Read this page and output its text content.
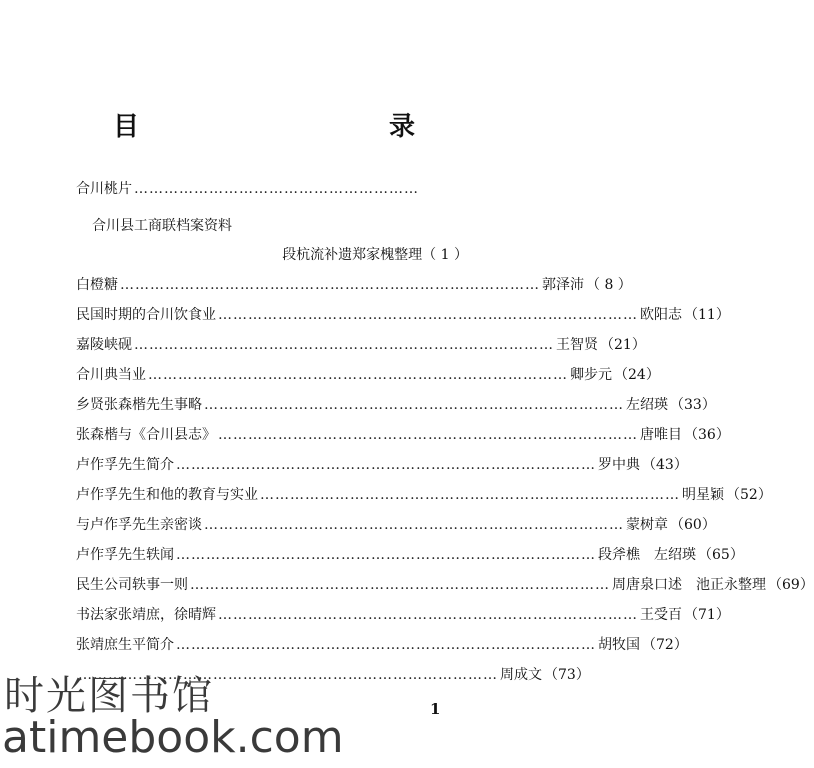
目　　录
合川桃片 …………………………………………………
合川县工商联档案资料
段杭流补遗郑家槐整理（ 1 ）
白橙糖 ………………………………………………………………………… 郭泽沛 （ 8 ）
民国时期的合川饮食业 ………………………………………………………………………… 欧阳志 （11）
嘉陵峡砚 ………………………………………………………………………… 王智贤 （21）
合川典当业 ………………………………………………………………………… 卿步元 （24）
乡贤张森楷先生事略 ………………………………………………………………………… 左绍瑛 （33）
张森楷与《合川县志》 ………………………………………………………………………… 唐唯目 （36）
卢作孚先生简介 ………………………………………………………………………… 罗中典 （43）
卢作孚先生和他的教育与实业 ………………………………………………………………………… 明星颖 （52）
与卢作孚先生亲密谈 ………………………………………………………………………… 蒙树章 （60）
卢作孚先生轶闻 ………………………………………………………………………… 段斧樵　左绍瑛 （65）
民生公司轶事一则 ………………………………………………………………………… 周唐泉口述　池正永整理 （69）
书法家张靖庶，徐晴辉 ………………………………………………………………………… 王受百 （71）
张靖庶生平简介 ………………………………………………………………………… 胡牧国 （72）
………………………………………………………………………… 周成文 （73）
1
时光图书馆
atimebook.com
